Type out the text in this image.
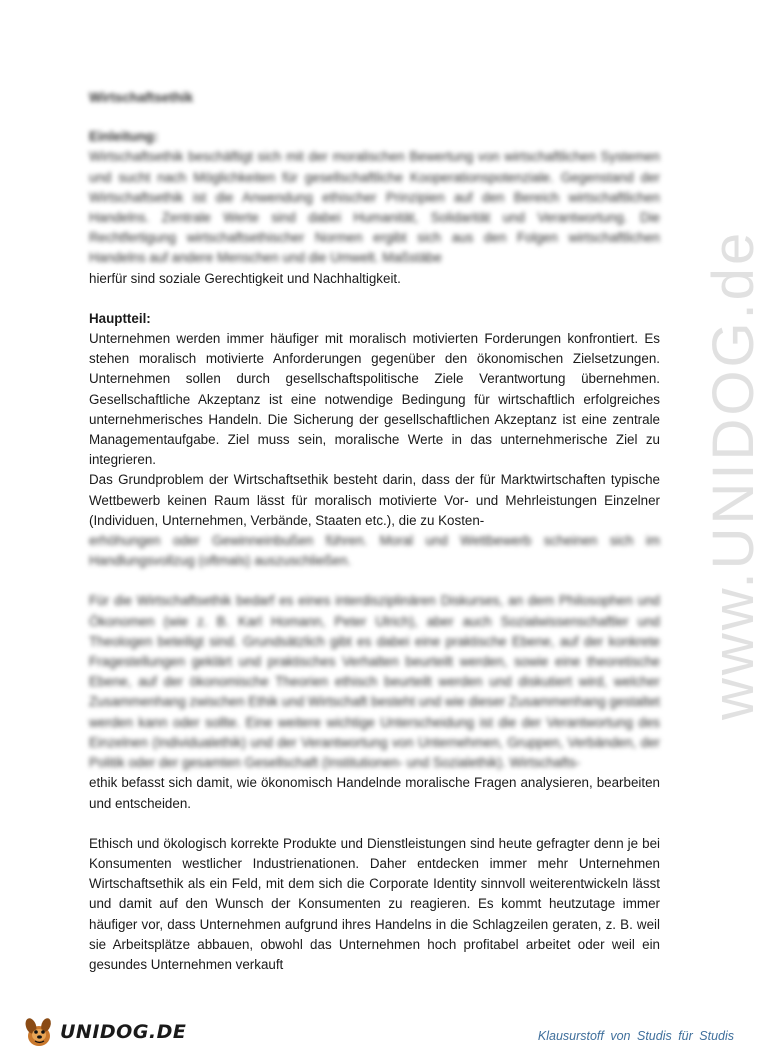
www.UNIDOG.de

Wirtschaftsethik

Einleitung:

Wirtschaftsethik beschäftigt sich mit der moralischen Bewertung von wirtschaftlichen Systemen und sucht nach Möglichkeiten für gesellschaftliche Kooperationspotenziale. Gegenstand der Wirtschaftsethik ist die Anwendung ethischer Prinzipien auf den Bereich wirtschaftlichen Handelns. Zentrale Werte sind dabei Humanität, Solidarität und Verantwortung. Die Rechtfertigung wirtschaftsethischer Normen ergibt sich aus den Folgen wirtschaftlichen Handelns auf andere Menschen und die Umwelt. Maßstäbe

hierfür sind soziale Gerechtigkeit und Nachhaltigkeit.

Hauptteil:

Unternehmen werden immer häufiger mit moralisch motivierten Forderungen konfrontiert. Es stehen moralisch motivierte Anforderungen gegenüber den ökonomischen Zielsetzungen. Unternehmen sollen durch gesellschaftspolitische Ziele Verantwortung übernehmen. Gesellschaftliche Akzeptanz ist eine notwendige Bedingung für wirtschaftlich erfolgreiches unternehmerisches Handeln. Die Sicherung der gesellschaftlichen Akzeptanz ist eine zentrale Managementaufgabe. Ziel muss sein, moralische Werte in das unternehmerische Ziel zu integrieren.

Das Grundproblem der Wirtschaftsethik besteht darin, dass der für Marktwirtschaften typische Wettbewerb keinen Raum lässt für moralisch motivierte Vor- und Mehrleistungen Einzelner (Individuen, Unternehmen, Verbände, Staaten etc.), die zu Kosten-

erhöhungen oder Gewinneinbußen führen. Moral und Wettbewerb scheinen sich im Handlungsvollzug (oftmals) auszuschließen.

Für die Wirtschaftsethik bedarf es eines interdisziplinären Diskurses, an dem Philosophen und Ökonomen (wie z. B. Karl Homann, Peter Ulrich), aber auch Sozialwissenschaftler und Theologen beteiligt sind. Grundsätzlich gibt es dabei eine praktische Ebene, auf der konkrete Fragestellungen geklärt und praktisches Verhalten beurteilt werden, sowie eine theoretische Ebene, auf der ökonomische Theorien ethisch beurteilt werden und diskutiert wird, welcher Zusammenhang zwischen Ethik und Wirtschaft besteht und wie dieser Zusammenhang gestaltet werden kann oder sollte. Eine weitere wichtige Unterscheidung ist die der Verantwortung des Einzelnen (Individualethik) und der Verantwortung von Unternehmen, Gruppen, Verbänden, der Politik oder der gesamten Gesellschaft (Institutionen- und Sozialethik). Wirtschafts-

ethik befasst sich damit, wie ökonomisch Handelnde moralische Fragen analysieren, bearbeiten und entscheiden.

Ethisch und ökologisch korrekte Produkte und Dienstleistungen sind heute gefragter denn je bei Konsumenten westlicher Industrienationen. Daher entdecken immer mehr Unternehmen Wirtschaftsethik als ein Feld, mit dem sich die Corporate Identity sinnvoll weiterentwickeln lässt und damit auf den Wunsch der Konsumenten zu reagieren. Es kommt heutzutage immer häufiger vor, dass Unternehmen aufgrund ihres Handelns in die Schlagzeilen geraten, z. B. weil sie Arbeitsplätze abbauen, obwohl das Unternehmen hoch profitabel arbeitet oder weil ein gesundes Unternehmen verkauft

UNIDOG.DE	Klausurstoff von Studis für Studis
